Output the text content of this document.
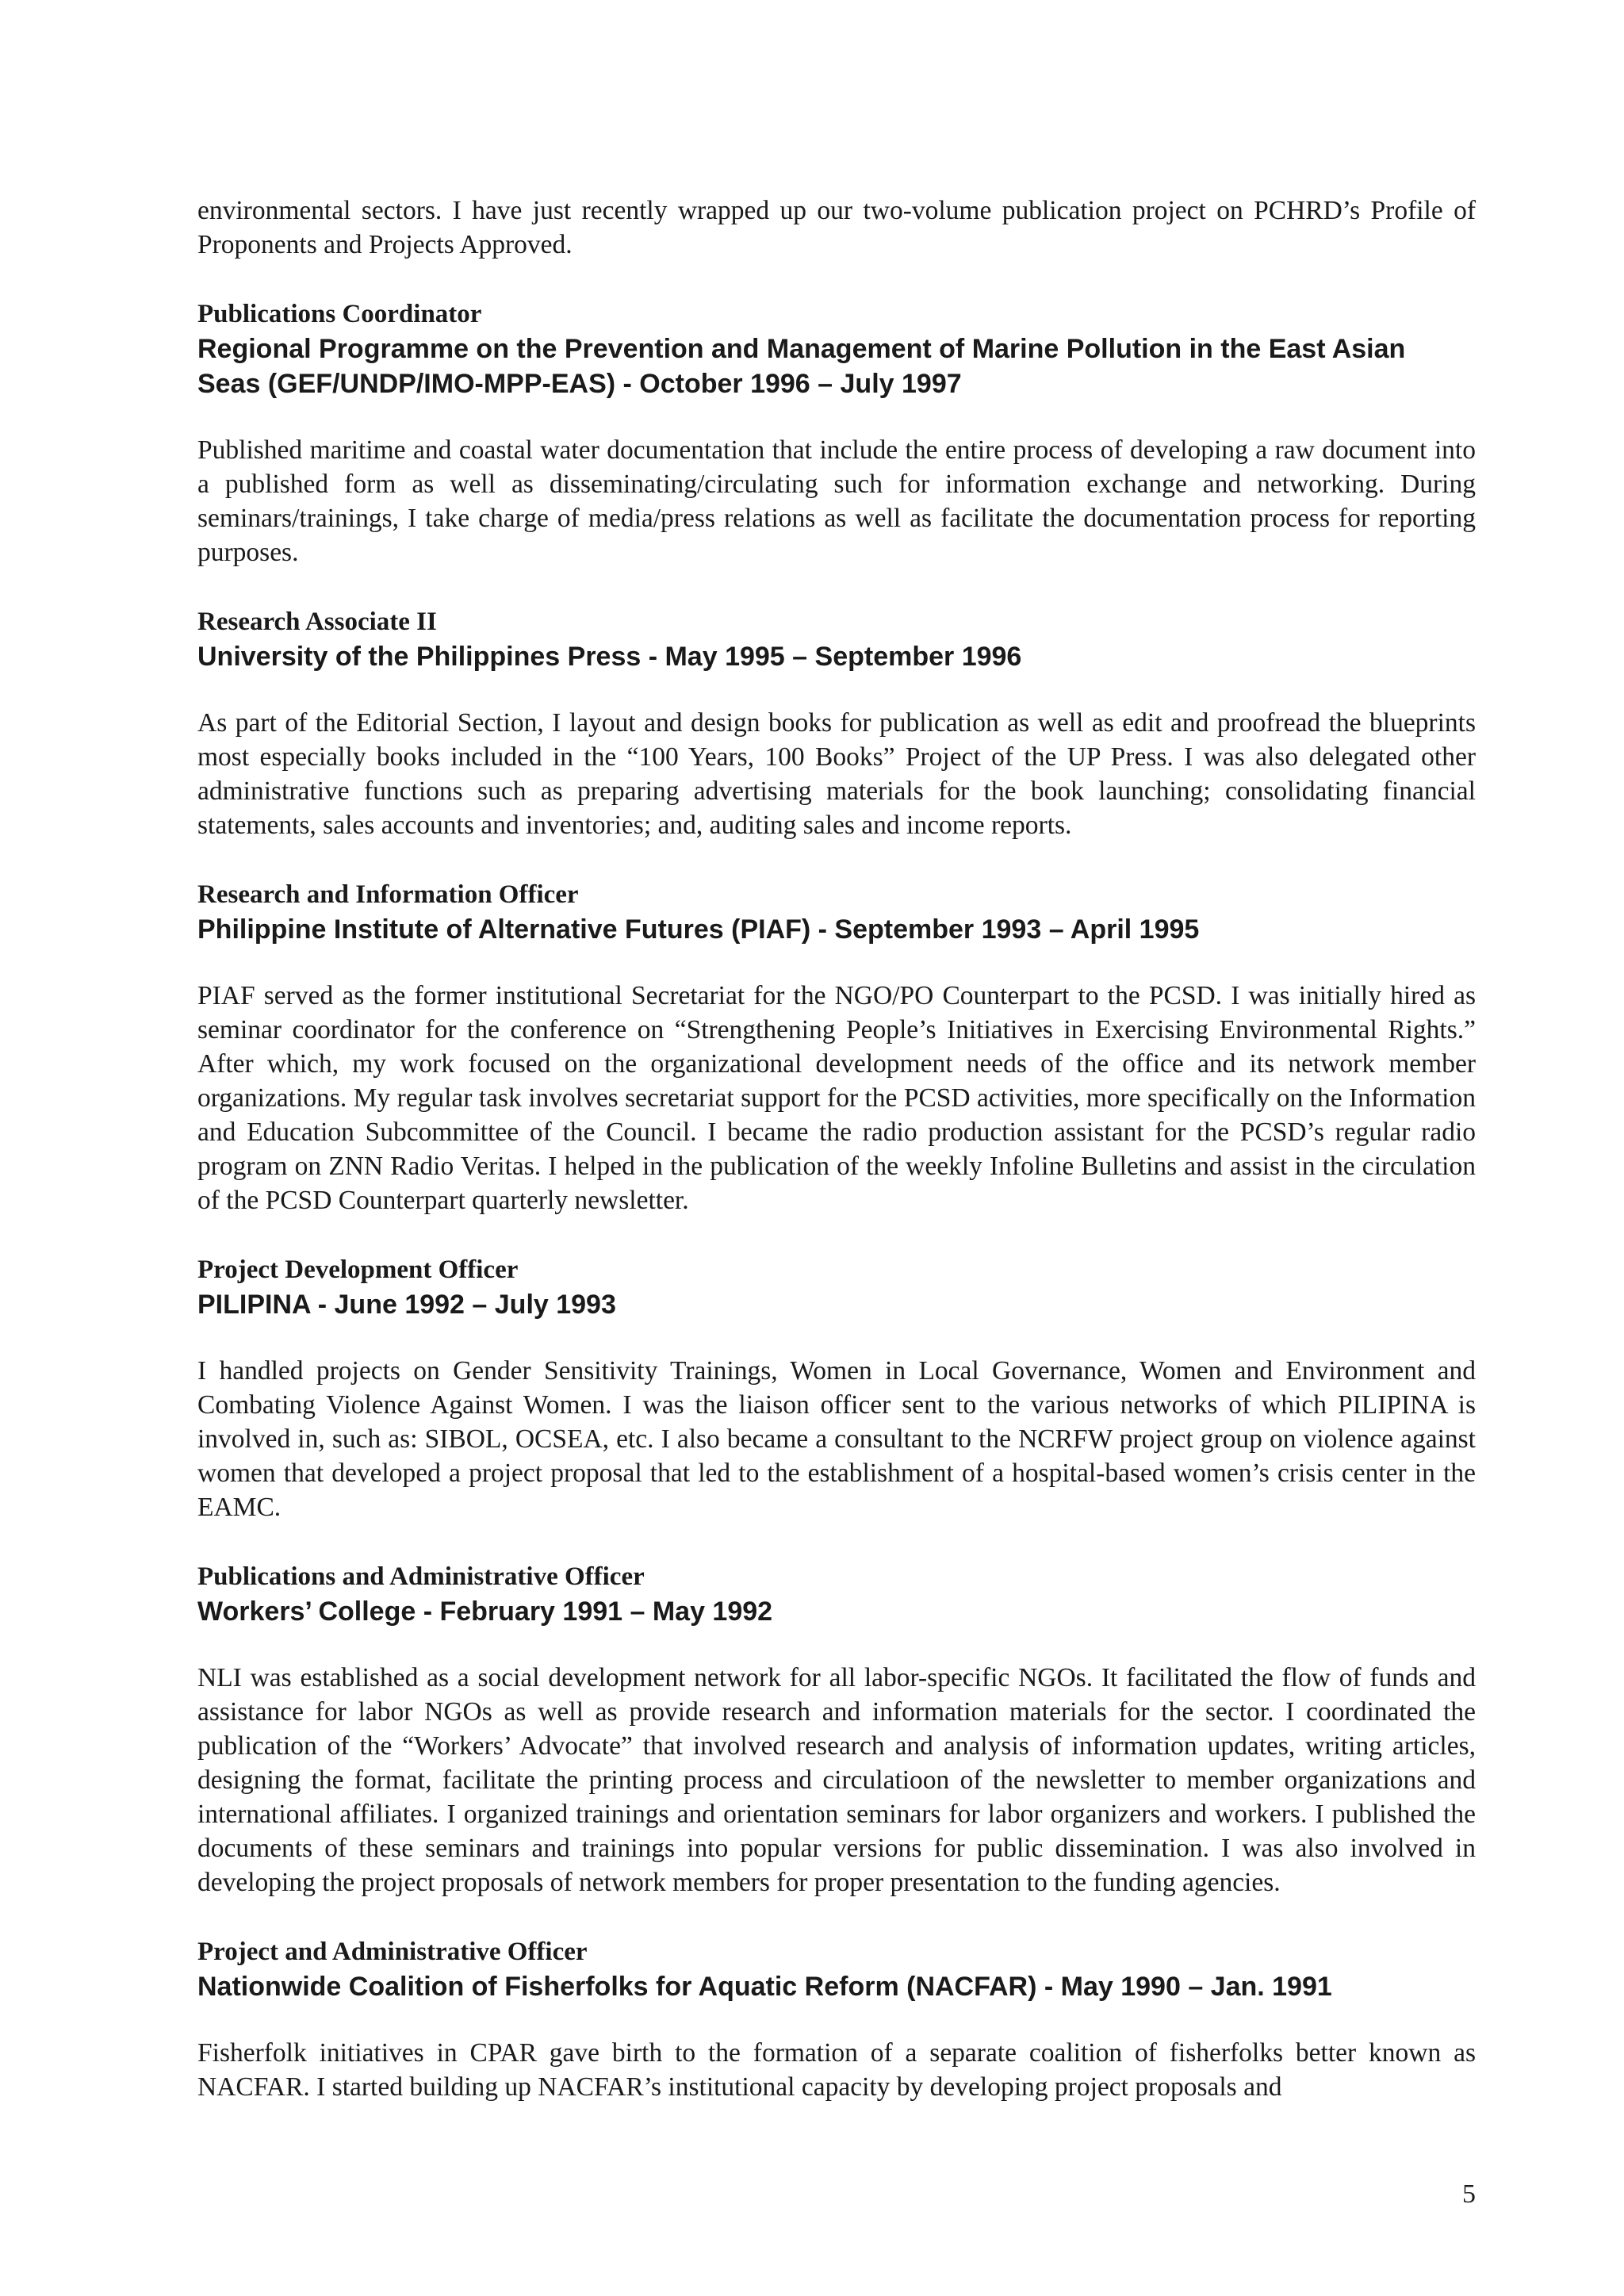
environmental sectors. I have just recently wrapped up our two-volume publication project on PCHRD’s Profile of Proponents and Projects Approved.

Publications Coordinator

Regional Programme on the Prevention and Management of Marine Pollution in the East Asian Seas (GEF/UNDP/IMO-MPP-EAS) - October 1996 – July 1997

Published maritime and coastal water documentation that include the entire process of developing a raw document into a published form as well as disseminating/circulating such for information exchange and networking. During seminars/trainings, I take charge of media/press relations as well as facilitate the documentation process for reporting purposes.

Research Associate II

University of the Philippines Press - May 1995 – September 1996

As part of the Editorial Section, I layout and design books for publication as well as edit and proofread the blueprints most especially books included in the “100 Years, 100 Books” Project of the UP Press. I was also delegated other administrative functions such as preparing advertising materials for the book launching; consolidating financial statements, sales accounts and inventories; and, auditing sales and income reports.

Research and Information Officer

Philippine Institute of Alternative Futures (PIAF) - September 1993 – April 1995

PIAF served as the former institutional Secretariat for the NGO/PO Counterpart to the PCSD. I was initially hired as seminar coordinator for the conference on “Strengthening People’s Initiatives in Exercising Environmental Rights.” After which, my work focused on the organizational development needs of the office and its network member organizations. My regular task involves secretariat support for the PCSD activities, more specifically on the Information and Education Subcommittee of the Council. I became the radio production assistant for the PCSD’s regular radio program on ZNN Radio Veritas. I helped in the publication of the weekly Infoline Bulletins and assist in the circulation of the PCSD Counterpart quarterly newsletter.

Project Development Officer

PILIPINA - June 1992 – July 1993

I handled projects on Gender Sensitivity Trainings, Women in Local Governance, Women and Environment and Combating Violence Against Women. I was the liaison officer sent to the various networks of which PILIPINA is involved in, such as: SIBOL, OCSEA, etc. I also became a consultant to the NCRFW project group on violence against women that developed a project proposal that led to the establishment of a hospital-based women’s crisis center in the EAMC.

Publications and Administrative Officer

Workers’ College - February 1991 – May 1992

NLI was established as a social development network for all labor-specific NGOs. It facilitated the flow of funds and assistance for labor NGOs as well as provide research and information materials for the sector. I coordinated the publication of the “Workers’ Advocate” that involved research and analysis of information updates, writing articles, designing the format, facilitate the printing process and circulatioon of the newsletter to member organizations and international affiliates. I organized trainings and orientation seminars for labor organizers and workers. I published the documents of these seminars and trainings into popular versions for public dissemination. I was also involved in developing the project proposals of network members for proper presentation to the funding agencies.

Project and Administrative Officer

Nationwide Coalition of Fisherfolks for Aquatic Reform (NACFAR) - May 1990 – Jan. 1991

Fisherfolk initiatives in CPAR gave birth to the formation of a separate coalition of fisherfolks better known as NACFAR. I started building up NACFAR’s institutional capacity by developing project proposals and

5
